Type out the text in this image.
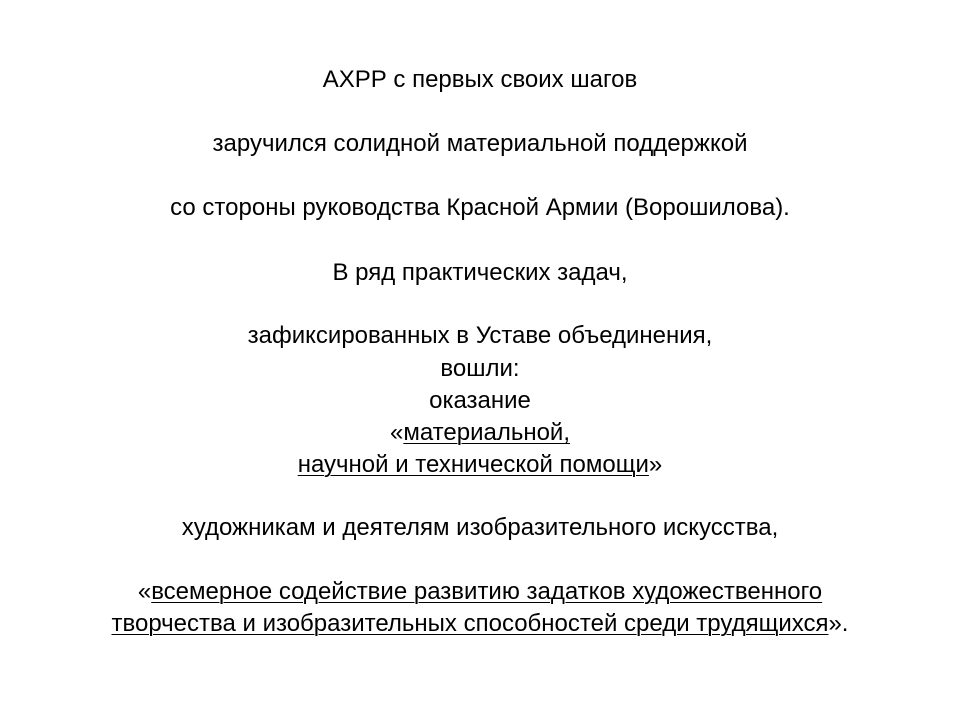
АХРР с первых своих шагов
заручился солидной материальной поддержкой
со стороны руководства Красной Армии (Ворошилова).
В ряд практических задач,
зафиксированных в Уставе объединения,
вошли:
оказание
«материальной,
научной и технической помощи»
художникам и деятелям изобразительного искусства,
«всемерное содействие развитию задатков художественного
творчества и изобразительных способностей среди трудящихся».
